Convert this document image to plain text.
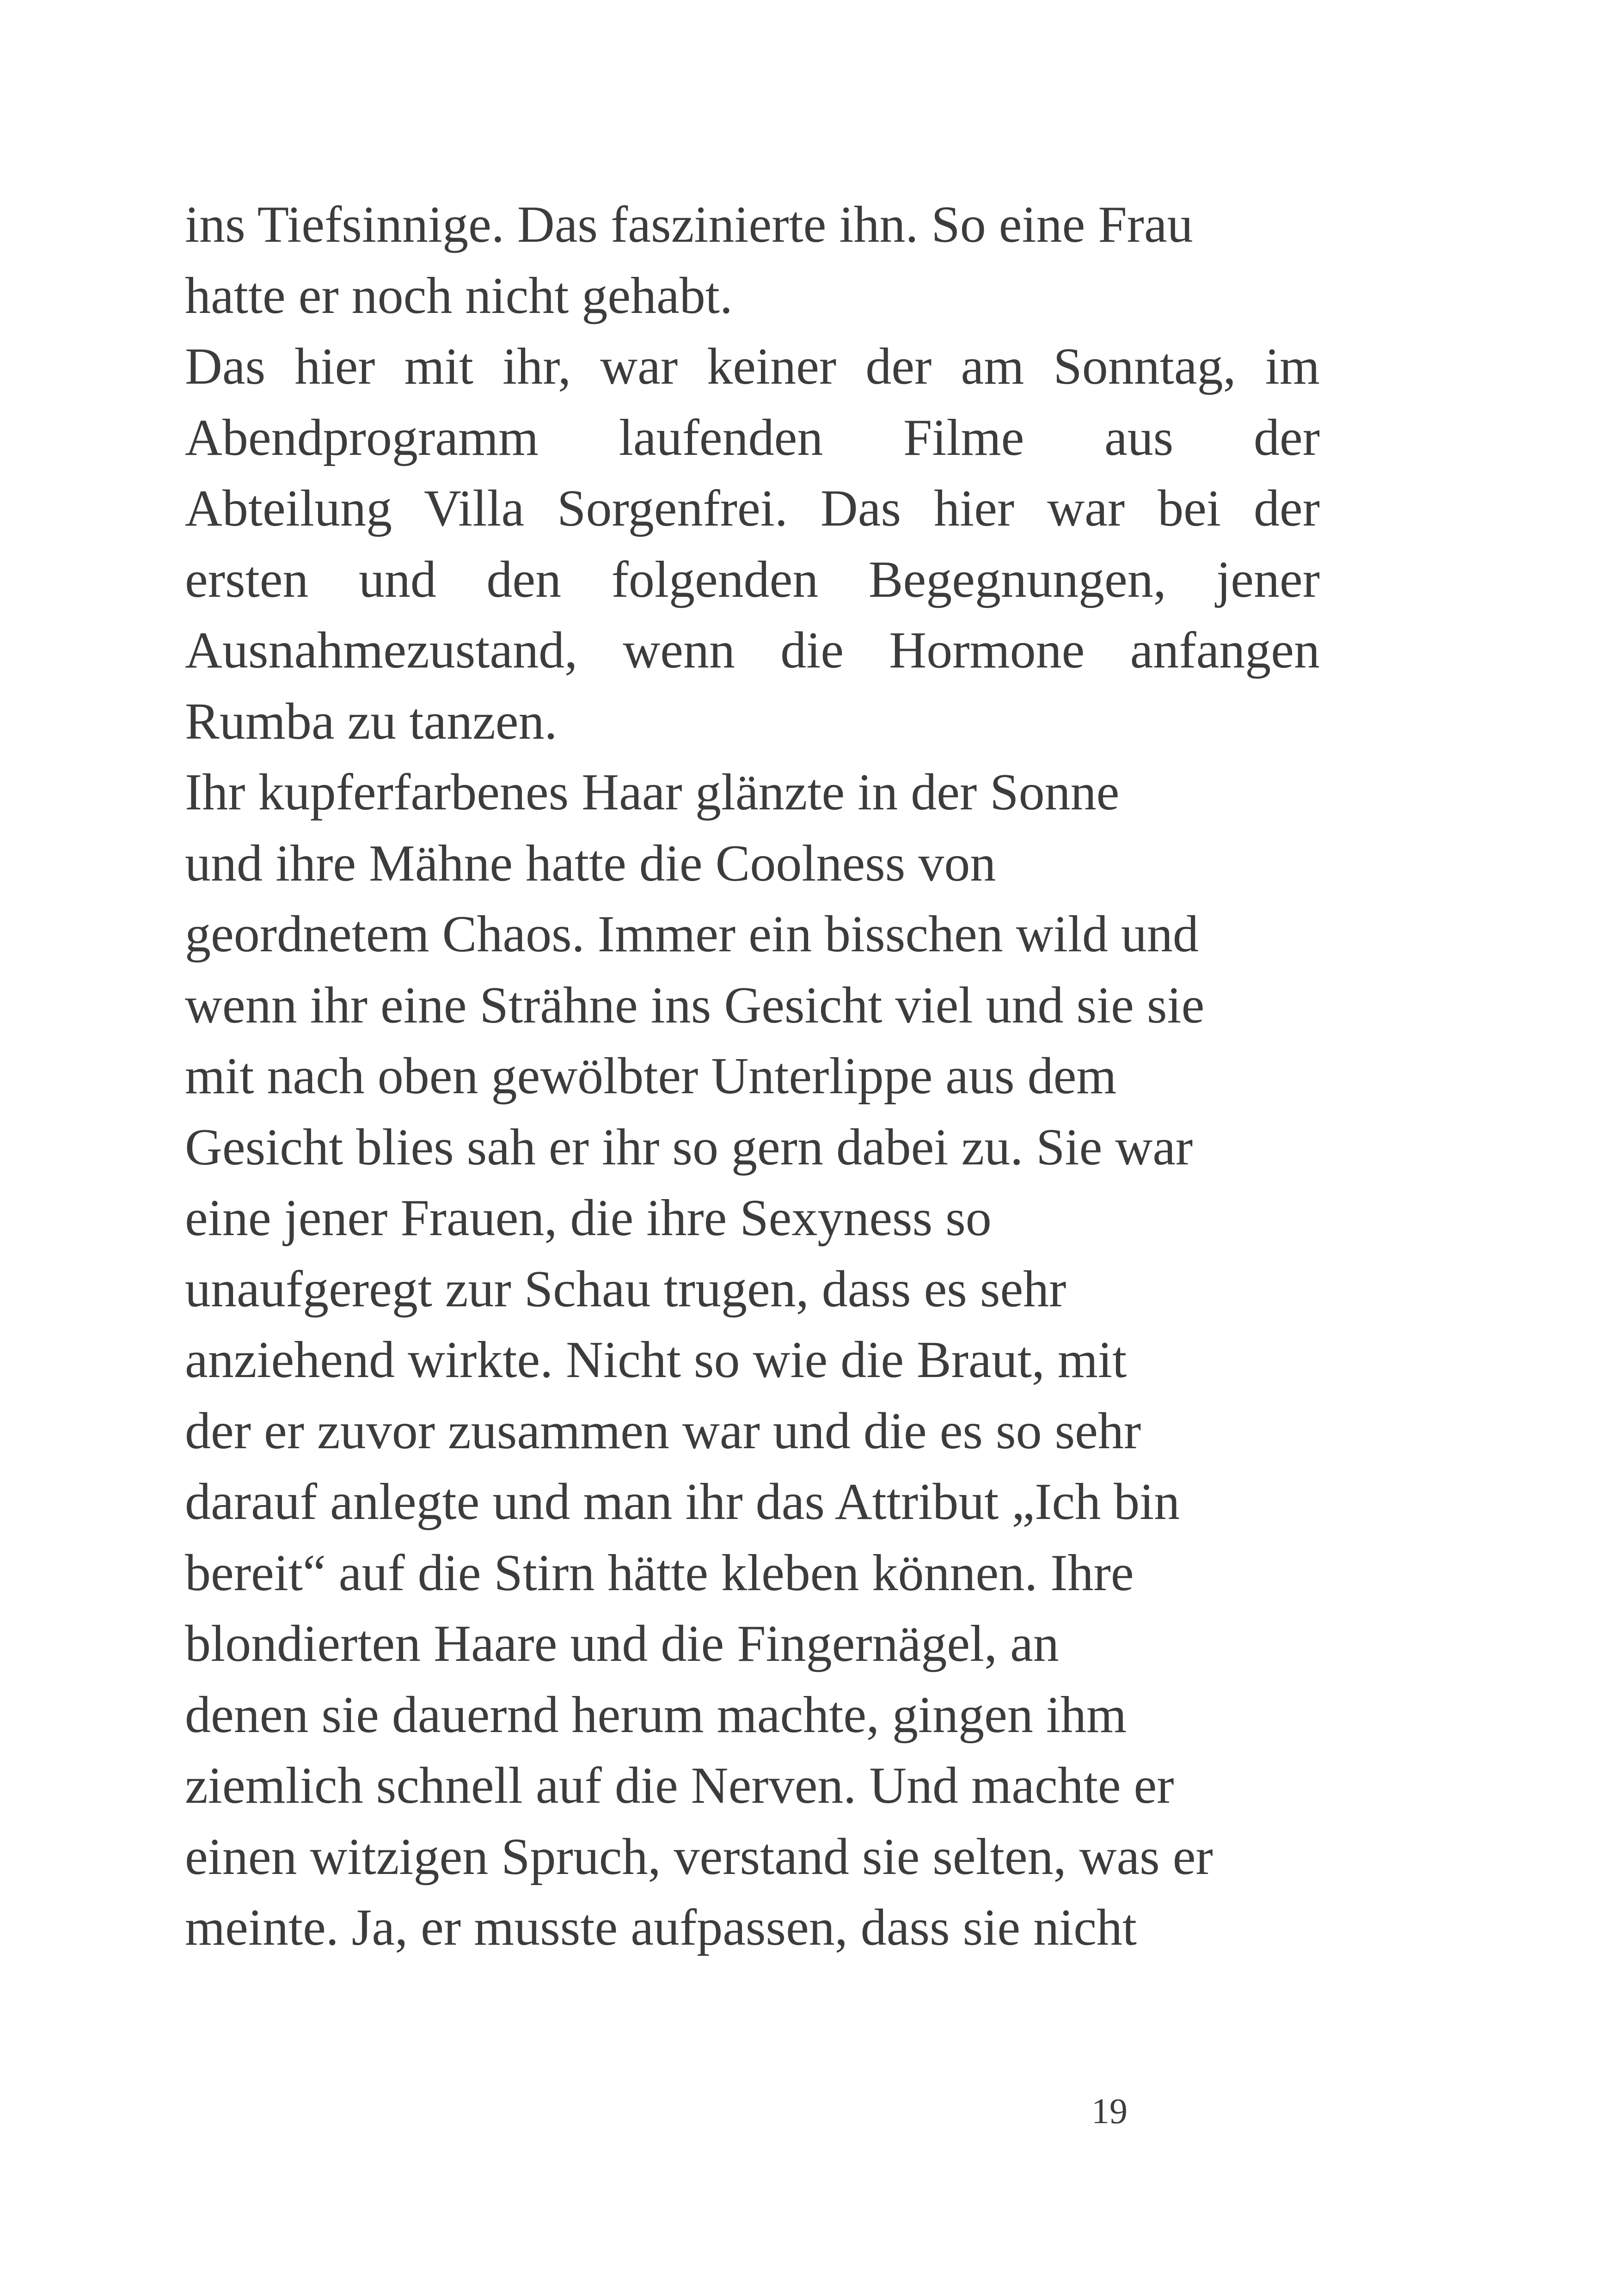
ins Tiefsinnige. Das faszinierte ihn. So eine Frau
hatte er noch nicht gehabt.
Das hier mit ihr, war keiner der am Sonntag, im
Abendprogramm laufenden Filme aus der
Abteilung Villa Sorgenfrei. Das hier war bei der
ersten und den folgenden Begegnungen, jener
Ausnahmezustand, wenn die Hormone anfangen
Rumba zu tanzen.
Ihr kupferfarbenes Haar glänzte in der Sonne
und ihre Mähne hatte die Coolness von
geordnetem Chaos. Immer ein bisschen wild und
wenn ihr eine Strähne ins Gesicht viel und sie sie
mit nach oben gewölbter Unterlippe aus dem
Gesicht blies sah er ihr so gern dabei zu. Sie war
eine jener Frauen, die ihre Sexyness so
unaufgeregt zur Schau trugen, dass es sehr
anziehend wirkte. Nicht so wie die Braut, mit
der er zuvor zusammen war und die es so sehr
darauf anlegte und man ihr das Attribut „Ich bin
bereit“ auf die Stirn hätte kleben können. Ihre
blondierten Haare und die Fingernägel, an
denen sie dauernd herum machte, gingen ihm
ziemlich schnell auf die Nerven. Und machte er
einen witzigen Spruch, verstand sie selten, was er
meinte. Ja, er musste aufpassen, dass sie nicht
19
